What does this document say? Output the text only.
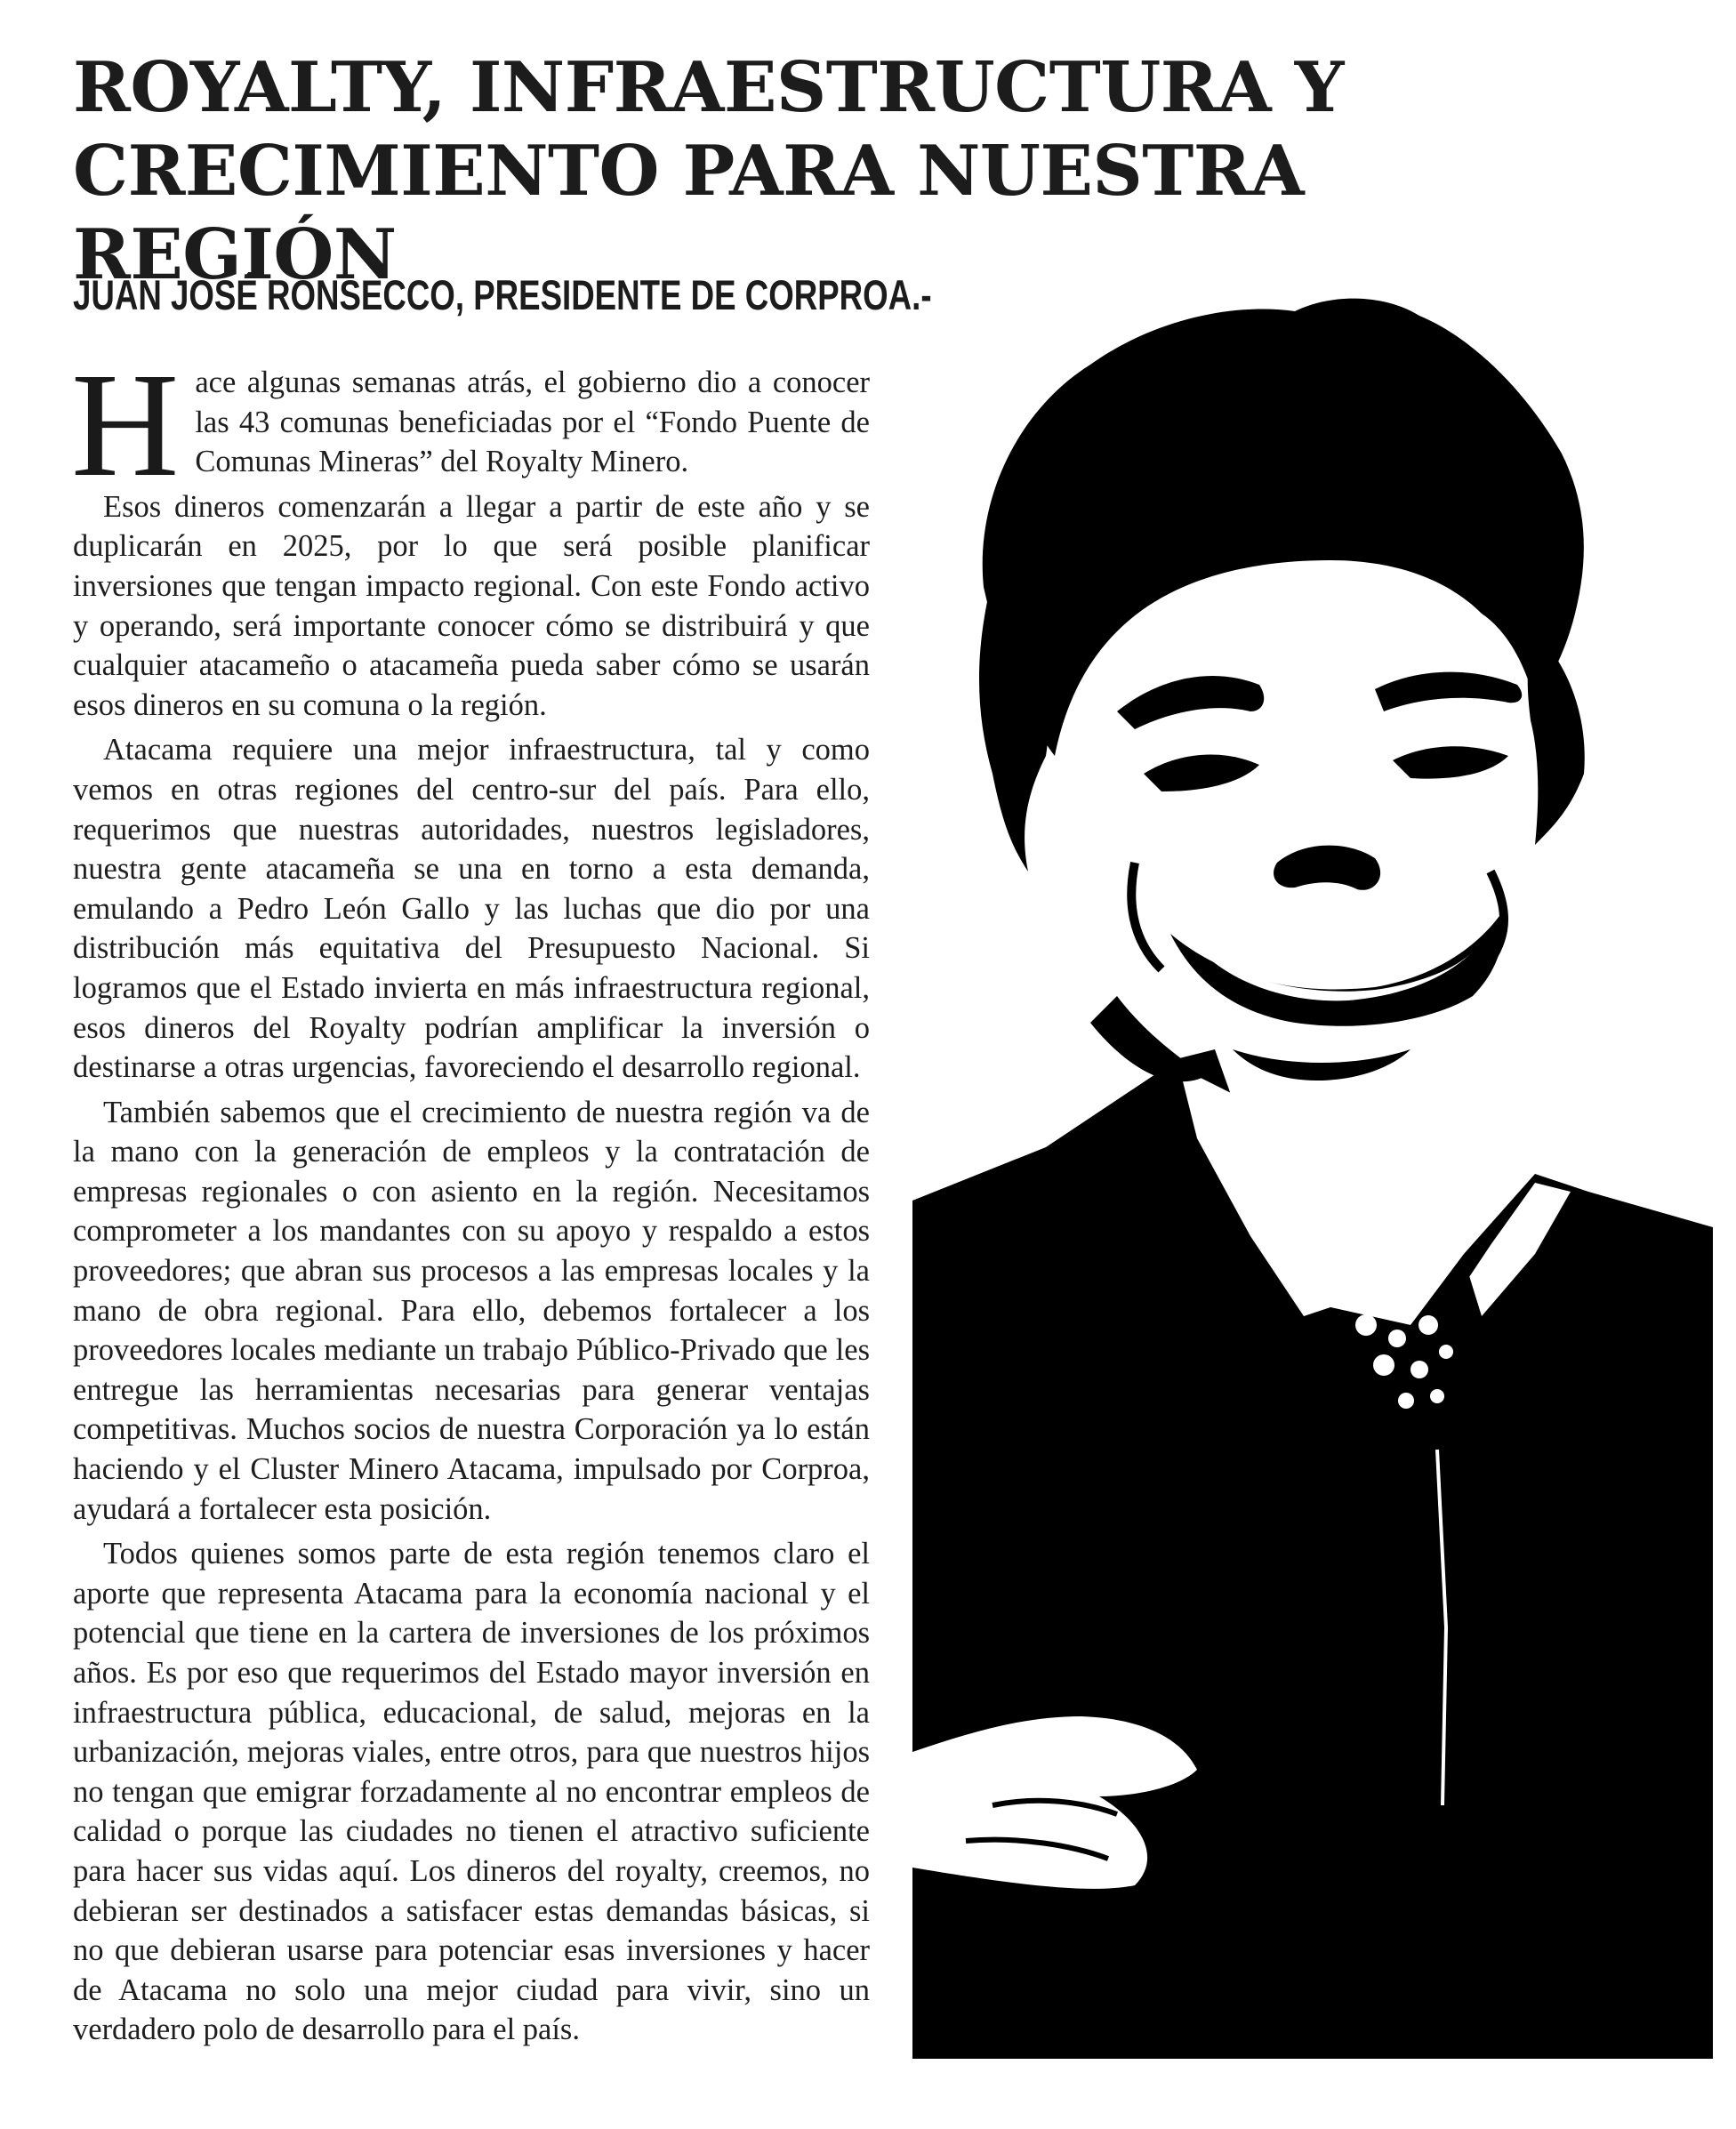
ROYALTY, INFRAESTRUCTURA Y
CRECIMIENTO PARA NUESTRA REGIÓN
JUAN JOSÉ RONSECCO, PRESIDENTE DE CORPROA.-

Hace algunas semanas atrás, el gobierno dio a conocer las 43 comunas beneficiadas por el “Fondo Puente de Comunas Mineras” del Royalty Minero.

Esos dineros comenzarán a llegar a partir de este año y se duplicarán en 2025, por lo que será posible planificar inversiones que tengan impacto regional. Con este Fondo activo y operando, será importante conocer cómo se distribuirá y que cualquier atacameño o atacameña pueda saber cómo se usarán esos dineros en su comuna o la región.

Atacama requiere una mejor infraestructura, tal y como vemos en otras regiones del centro-sur del país. Para ello, requerimos que nuestras autoridades, nuestros legisladores, nuestra gente atacameña se una en torno a esta demanda, emulando a Pedro León Gallo y las luchas que dio por una distribución más equitativa del Presupuesto Nacional. Si logramos que el Estado invierta en más infraestructura regional, esos dineros del Royalty podrían amplificar la inversión o destinarse a otras urgencias, favoreciendo el desarrollo regional.

También sabemos que el crecimiento de nuestra región va de la mano con la generación de empleos y la contratación de empresas regionales o con asiento en la región. Necesitamos comprometer a los mandantes con su apoyo y respaldo a estos proveedores; que abran sus procesos a las empresas locales y la mano de obra regional. Para ello, debemos fortalecer a los proveedores locales mediante un trabajo Público-Privado que les entregue las herramientas necesarias para generar ventajas competitivas. Muchos socios de nuestra Corporación ya lo están haciendo y el Cluster Minero Atacama, impulsado por Corproa, ayudará a fortalecer esta posición.

Todos quienes somos parte de esta región tenemos claro el aporte que representa Atacama para la economía nacional y el potencial que tiene en la cartera de inversiones de los próximos años. Es por eso que requerimos del Estado mayor inversión en infraestructura pública, educacional, de salud, mejoras en la urbanización, mejoras viales, entre otros, para que nuestros hijos no tengan que emigrar forzadamente al no encontrar empleos de calidad o porque las ciudades no tienen el atractivo suficiente para hacer sus vidas aquí. Los dineros del royalty, creemos, no debieran ser destinados a satisfacer estas demandas básicas, si no que debieran usarse para potenciar esas inversiones y hacer de Atacama no solo una mejor ciudad para vivir, sino un verdadero polo de desarrollo para el país.
